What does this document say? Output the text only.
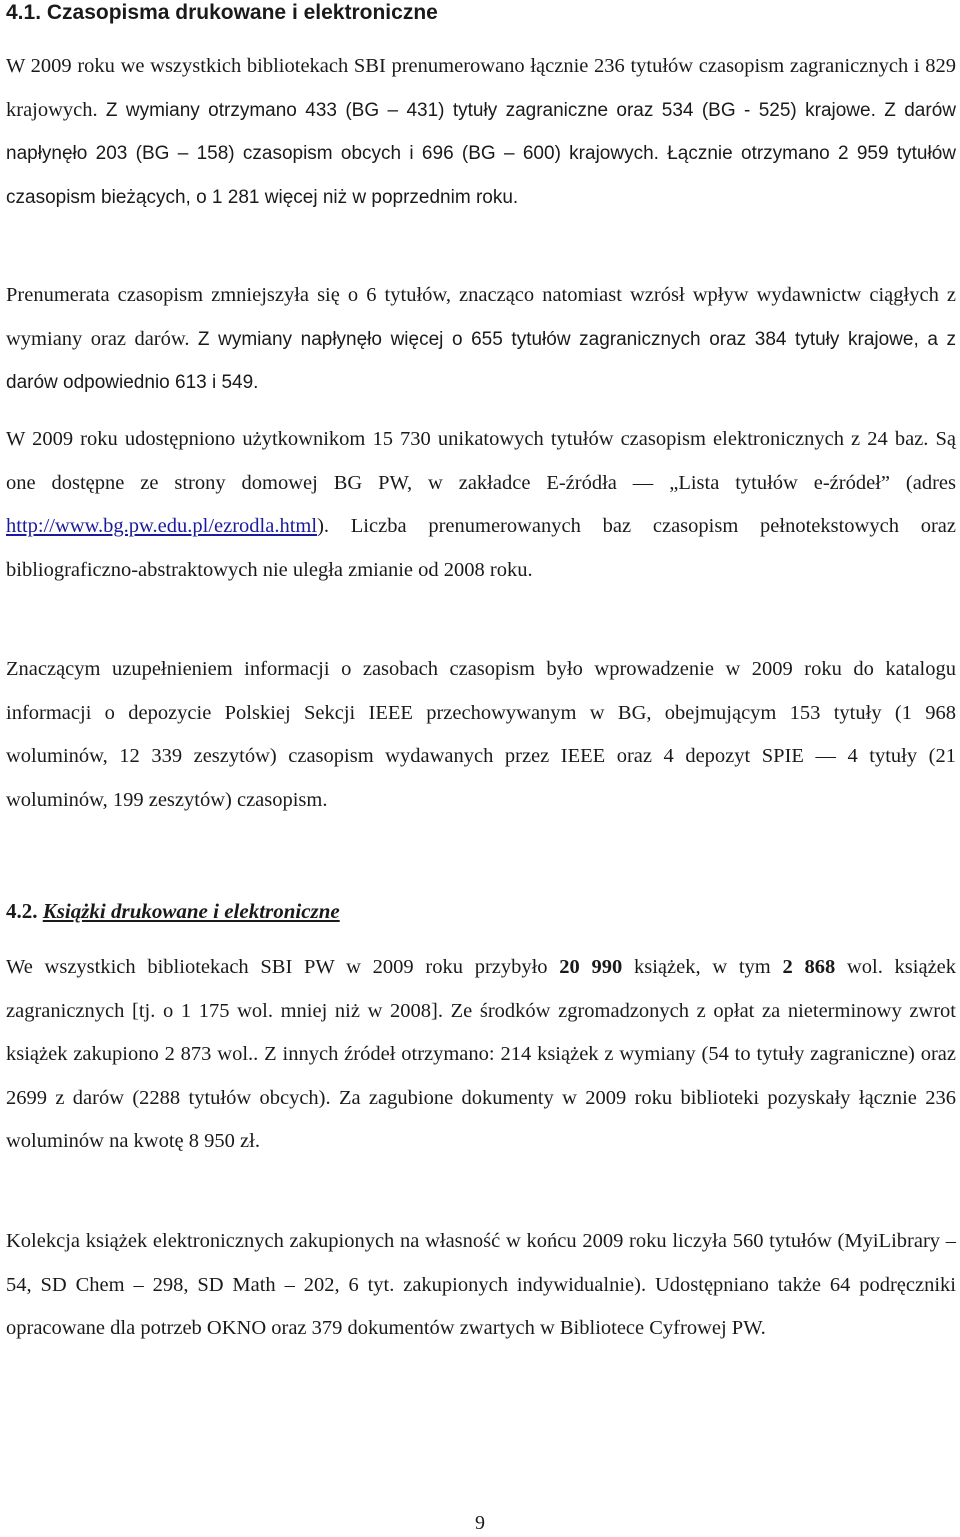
4.1. Czasopisma drukowane i elektroniczne

W 2009 roku we wszystkich bibliotekach SBI prenumerowano łącznie 236 tytułów czasopism zagranicznych i 829 krajowych. Z wymiany otrzymano 433 (BG – 431) tytuły zagraniczne oraz 534 (BG - 525) krajowe. Z darów napłynęło 203 (BG – 158) czasopism obcych i 696 (BG – 600) krajowych. Łącznie otrzymano 2 959 tytułów czasopism bieżących, o 1 281 więcej niż w poprzednim roku.

Prenumerata czasopism zmniejszyła się o 6 tytułów, znacząco natomiast wzrósł wpływ wydawnictw ciągłych z wymiany oraz darów. Z wymiany napłynęło więcej o 655 tytułów zagranicznych oraz 384 tytuły krajowe, a z darów odpowiednio 613 i 549.

W 2009 roku udostępniono użytkownikom 15 730 unikatowych tytułów czasopism elektronicznych z 24 baz. Są one dostępne ze strony domowej BG PW, w zakładce E-źródła — „Lista tytułów e-źródeł” (adres http://www.bg.pw.edu.pl/ezrodla.html). Liczba prenumerowanych baz czasopism pełnotekstowych oraz bibliograficzno-abstraktowych nie uległa zmianie od 2008 roku.

Znaczącym uzupełnieniem informacji o zasobach czasopism było wprowadzenie w 2009 roku do katalogu informacji o depozycie Polskiej Sekcji IEEE przechowywanym w BG, obejmującym 153 tytuły (1 968 woluminów, 12 339 zeszytów) czasopism wydawanych przez IEEE oraz 4 depozyt SPIE — 4 tytuły (21 woluminów, 199 zeszytów) czasopism.

4.2. Książki drukowane i elektroniczne

We wszystkich bibliotekach SBI PW w 2009 roku przybyło 20 990 książek, w tym 2 868 wol. książek zagranicznych [tj. o 1 175 wol. mniej niż w 2008]. Ze środków zgromadzonych z opłat za nieterminowy zwrot książek zakupiono 2 873 wol.. Z innych źródeł otrzymano: 214 książek z wymiany (54 to tytuły zagraniczne) oraz 2699 z darów (2288 tytułów obcych). Za zagubione dokumenty w 2009 roku biblioteki pozyskały łącznie 236 woluminów na kwotę 8 950 zł.

Kolekcja książek elektronicznych zakupionych na własność w końcu 2009 roku liczyła 560 tytułów (MyiLibrary – 54, SD Chem – 298, SD Math – 202, 6 tyt. zakupionych indywidualnie). Udostępniano także 64 podręczniki opracowane dla potrzeb OKNO oraz 379 dokumentów zwartych w Bibliotece Cyfrowej PW.

9
